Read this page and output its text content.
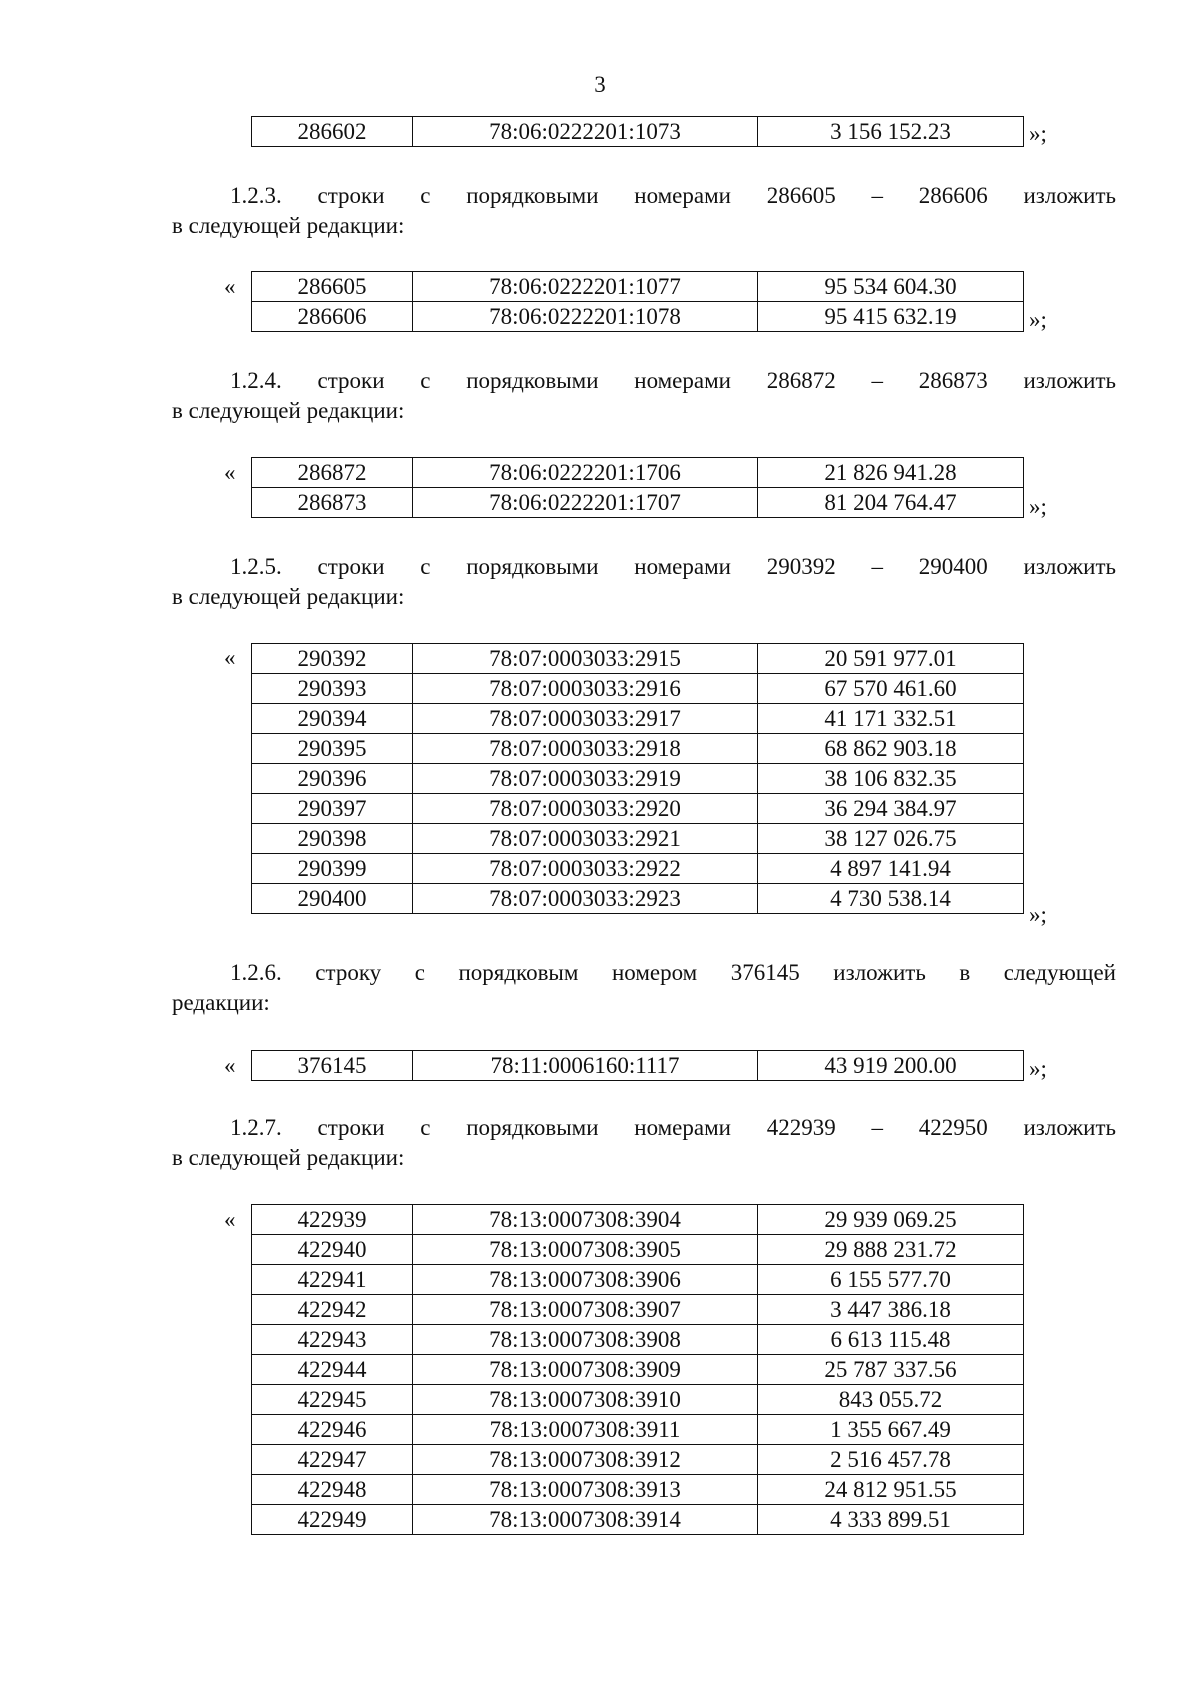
3
286602	78:06:0222201:1073	3 156 152.23	»;
1.2.3. строки с порядковыми номерами 286605 – 286606 изложить
в следующей редакции:
«	286605	78:06:0222201:1077	95 534 604.30
286606	78:06:0222201:1078	95 415 632.19	»;
1.2.4. строки с порядковыми номерами 286872 – 286873 изложить
в следующей редакции:
«	286872	78:06:0222201:1706	21 826 941.28
286873	78:06:0222201:1707	81 204 764.47	»;
1.2.5. строки с порядковыми номерами 290392 – 290400 изложить
в следующей редакции:
«	290392	78:07:0003033:2915	20 591 977.01
290393	78:07:0003033:2916	67 570 461.60
290394	78:07:0003033:2917	41 171 332.51
290395	78:07:0003033:2918	68 862 903.18
290396	78:07:0003033:2919	38 106 832.35
290397	78:07:0003033:2920	36 294 384.97
290398	78:07:0003033:2921	38 127 026.75
290399	78:07:0003033:2922	4 897 141.94
290400	78:07:0003033:2923	4 730 538.14
»;
1.2.6. строку с порядковым номером 376145 изложить в следующей
редакции:
«	376145	78:11:0006160:1117	43 919 200.00	»;
1.2.7. строки с порядковыми номерами 422939 – 422950 изложить
в следующей редакции:
«	422939	78:13:0007308:3904	29 939 069.25
422940	78:13:0007308:3905	29 888 231.72
422941	78:13:0007308:3906	6 155 577.70
422942	78:13:0007308:3907	3 447 386.18
422943	78:13:0007308:3908	6 613 115.48
422944	78:13:0007308:3909	25 787 337.56
422945	78:13:0007308:3910	843 055.72
422946	78:13:0007308:3911	1 355 667.49
422947	78:13:0007308:3912	2 516 457.78
422948	78:13:0007308:3913	24 812 951.55
422949	78:13:0007308:3914	4 333 899.51
